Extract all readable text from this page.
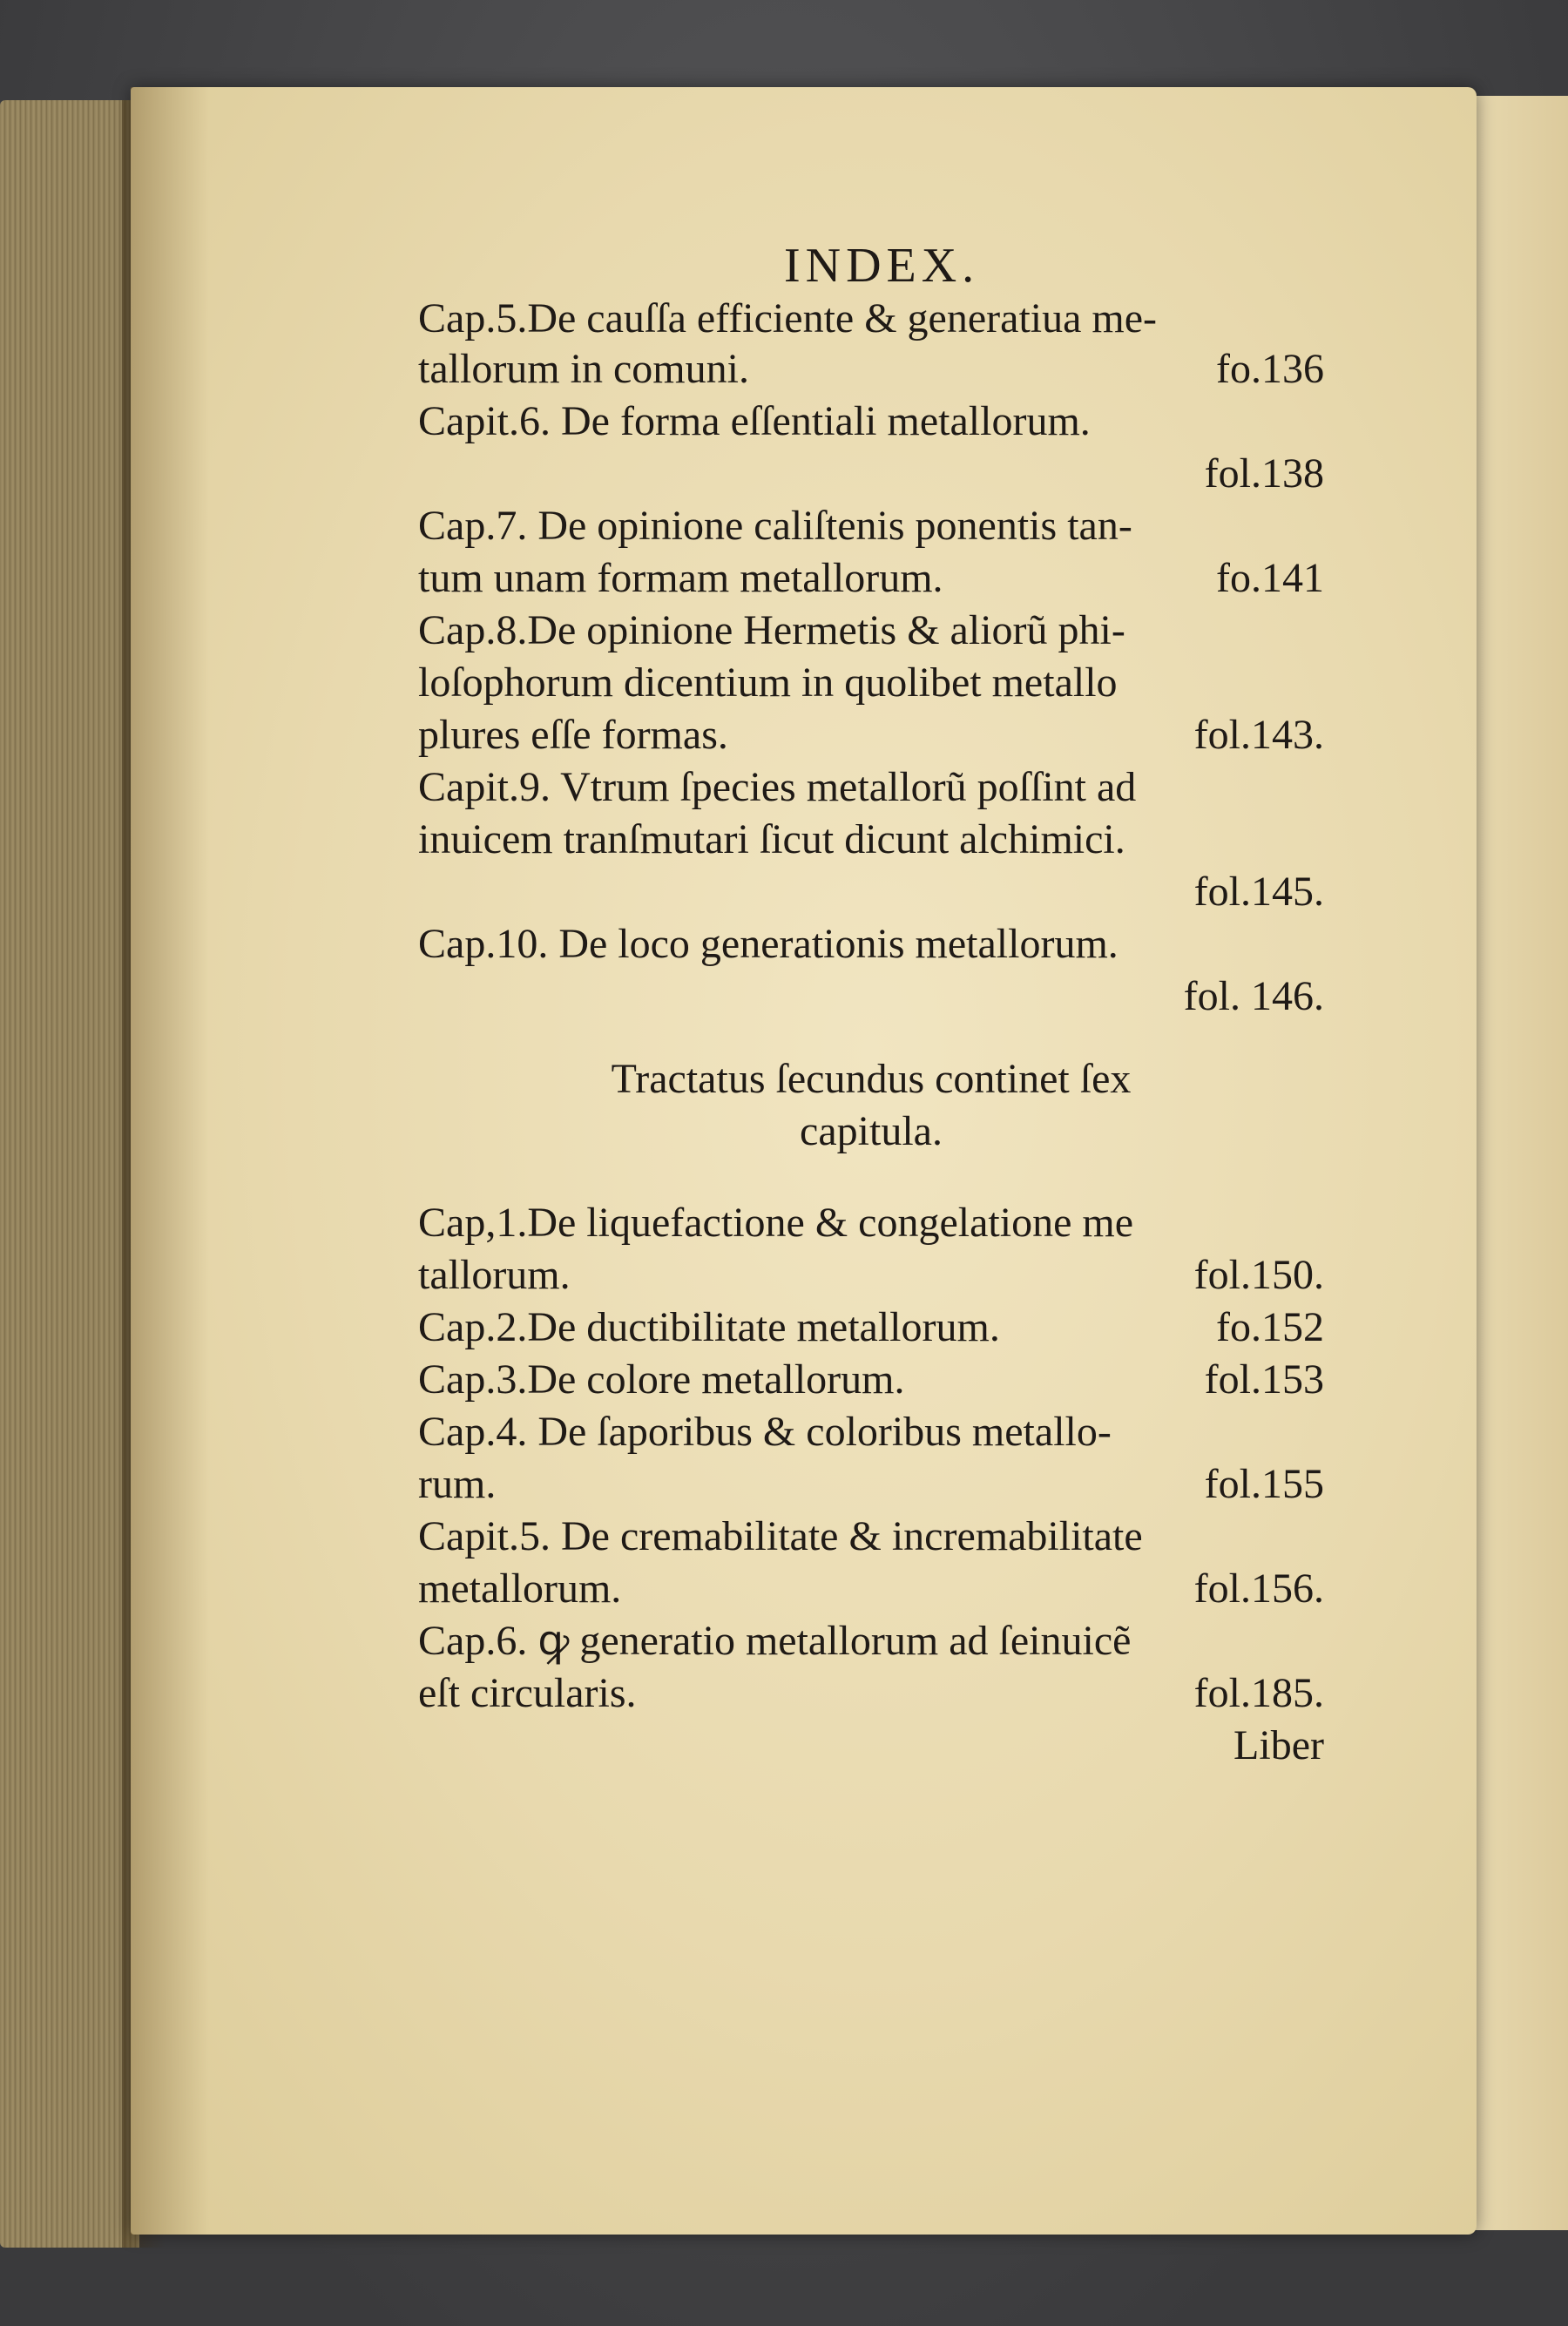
INDEX.
Cap.5.De cauſſa efficiente & generatiua me-
tallorum in comuni.	fo.136
Capit.6. De forma eſſentiali metallorum.
fol.138
Cap.7. De opinione caliſtenis ponentis tan-
tum unam formam metallorum.	fo.141
Cap.8.De opinione Hermetis & aliorũ phi-
loſophorum dicentium in quolibet metallo
plures eſſe formas.	fol.143.
Capit.9. Vtrum ſpecies metallorũ poſſint ad
inuicem tranſmutari ſicut dicunt alchimici.
fol.145.
Cap.10. De loco generationis metallorum.
fol. 146.
Tractatus ſecundus continet ſex
capitula.
Cap,1.De liquefactione & congelatione me
tallorum.	fol.150.
Cap.2.De ductibilitate metallorum.	fo.152
Cap.3.De colore metallorum.	fol.153
Cap.4. De ſaporibus & coloribus metallo-
rum.	fol.155
Capit.5. De cremabilitate & incremabilitate
metallorum.	fol.156.
Cap.6. ꝙ generatio metallorum ad ſeinuicẽ
eſt circularis.	fol.185.
Liber
